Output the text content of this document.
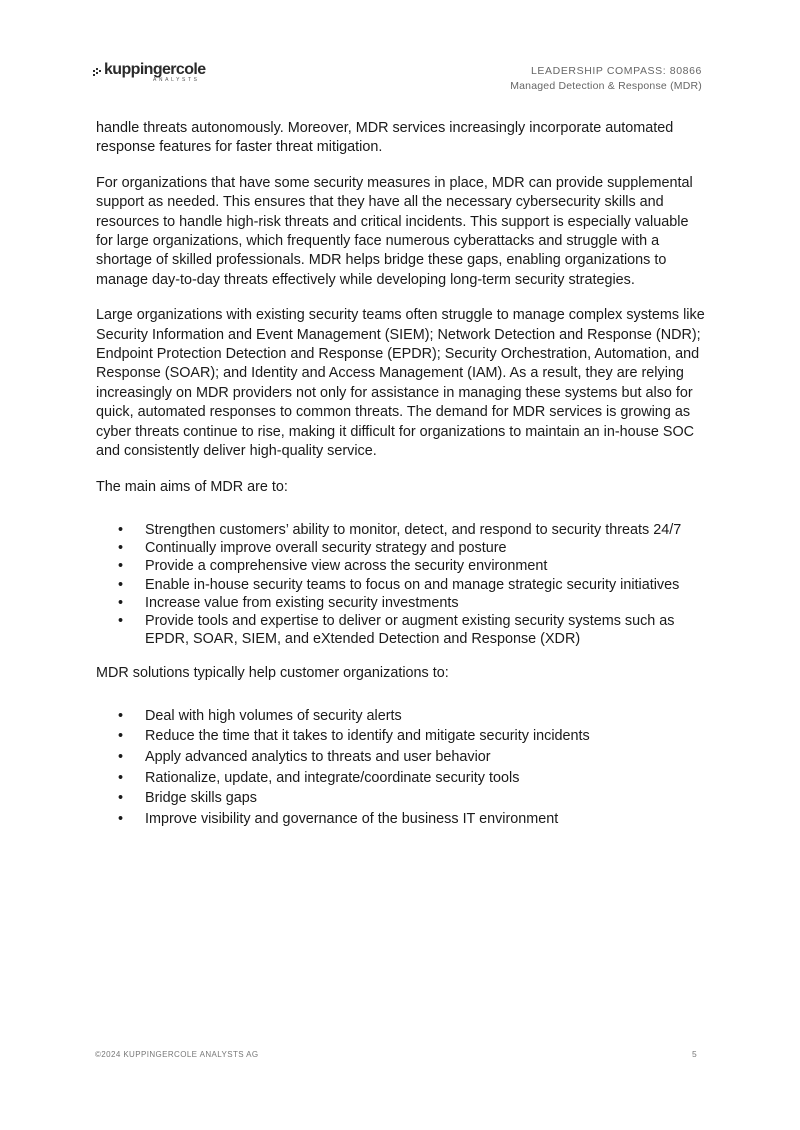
kuppingercole
ANALYSTS
LEADERSHIP COMPASS: 80866
Managed Detection & Response (MDR)

handle threats autonomously. Moreover, MDR services increasingly incorporate automated response features for faster threat mitigation.

For organizations that have some security measures in place, MDR can provide supplemental support as needed. This ensures that they have all the necessary cybersecurity skills and resources to handle high-risk threats and critical incidents. This support is especially valuable for large organizations, which frequently face numerous cyberattacks and struggle with a shortage of skilled professionals. MDR helps bridge these gaps, enabling organizations to manage day-to-day threats effectively while developing long-term security strategies.

Large organizations with existing security teams often struggle to manage complex systems like Security Information and Event Management (SIEM); Network Detection and Response (NDR); Endpoint Protection Detection and Response (EPDR); Security Orchestration, Automation, and Response (SOAR); and Identity and Access Management (IAM). As a result, they are relying increasingly on MDR providers not only for assistance in managing these systems but also for quick, automated responses to common threats. The demand for MDR services is growing as cyber threats continue to rise, making it difficult for organizations to maintain an in-house SOC and consistently deliver high-quality service.

The main aims of MDR are to:

• Strengthen customers’ ability to monitor, detect, and respond to security threats 24/7
• Continually improve overall security strategy and posture
• Provide a comprehensive view across the security environment
• Enable in-house security teams to focus on and manage strategic security initiatives
• Increase value from existing security investments
• Provide tools and expertise to deliver or augment existing security systems such as EPDR, SOAR, SIEM, and eXtended Detection and Response (XDR)

MDR solutions typically help customer organizations to:

• Deal with high volumes of security alerts
• Reduce the time that it takes to identify and mitigate security incidents
• Apply advanced analytics to threats and user behavior
• Rationalize, update, and integrate/coordinate security tools
• Bridge skills gaps
• Improve visibility and governance of the business IT environment
©2024 KUPPINGERCOLE ANALYSTS AG	5
